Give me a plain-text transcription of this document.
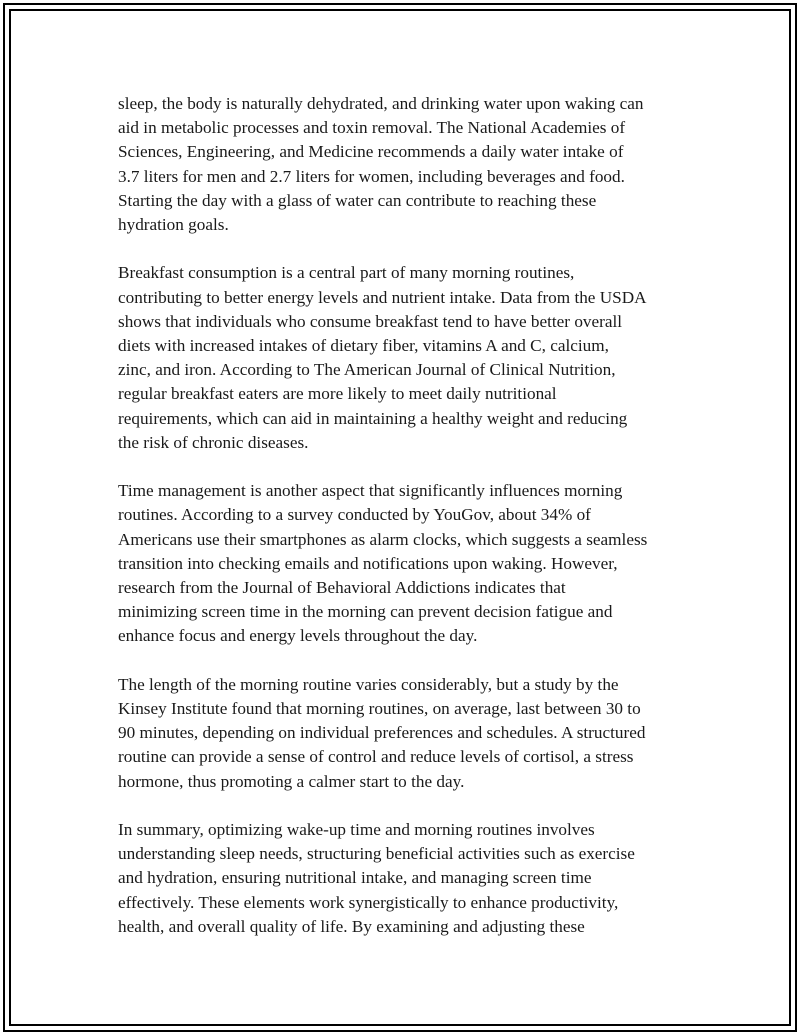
sleep, the body is naturally dehydrated, and drinking water upon waking can
aid in metabolic processes and toxin removal. The National Academies of
Sciences, Engineering, and Medicine recommends a daily water intake of
3.7 liters for men and 2.7 liters for women, including beverages and food.
Starting the day with a glass of water can contribute to reaching these
hydration goals.

Breakfast consumption is a central part of many morning routines,
contributing to better energy levels and nutrient intake. Data from the USDA
shows that individuals who consume breakfast tend to have better overall
diets with increased intakes of dietary fiber, vitamins A and C, calcium,
zinc, and iron. According to The American Journal of Clinical Nutrition,
regular breakfast eaters are more likely to meet daily nutritional
requirements, which can aid in maintaining a healthy weight and reducing
the risk of chronic diseases.

Time management is another aspect that significantly influences morning
routines. According to a survey conducted by YouGov, about 34% of
Americans use their smartphones as alarm clocks, which suggests a seamless
transition into checking emails and notifications upon waking. However,
research from the Journal of Behavioral Addictions indicates that
minimizing screen time in the morning can prevent decision fatigue and
enhance focus and energy levels throughout the day.

The length of the morning routine varies considerably, but a study by the
Kinsey Institute found that morning routines, on average, last between 30 to
90 minutes, depending on individual preferences and schedules. A structured
routine can provide a sense of control and reduce levels of cortisol, a stress
hormone, thus promoting a calmer start to the day.

In summary, optimizing wake-up time and morning routines involves
understanding sleep needs, structuring beneficial activities such as exercise
and hydration, ensuring nutritional intake, and managing screen time
effectively. These elements work synergistically to enhance productivity,
health, and overall quality of life. By examining and adjusting these
